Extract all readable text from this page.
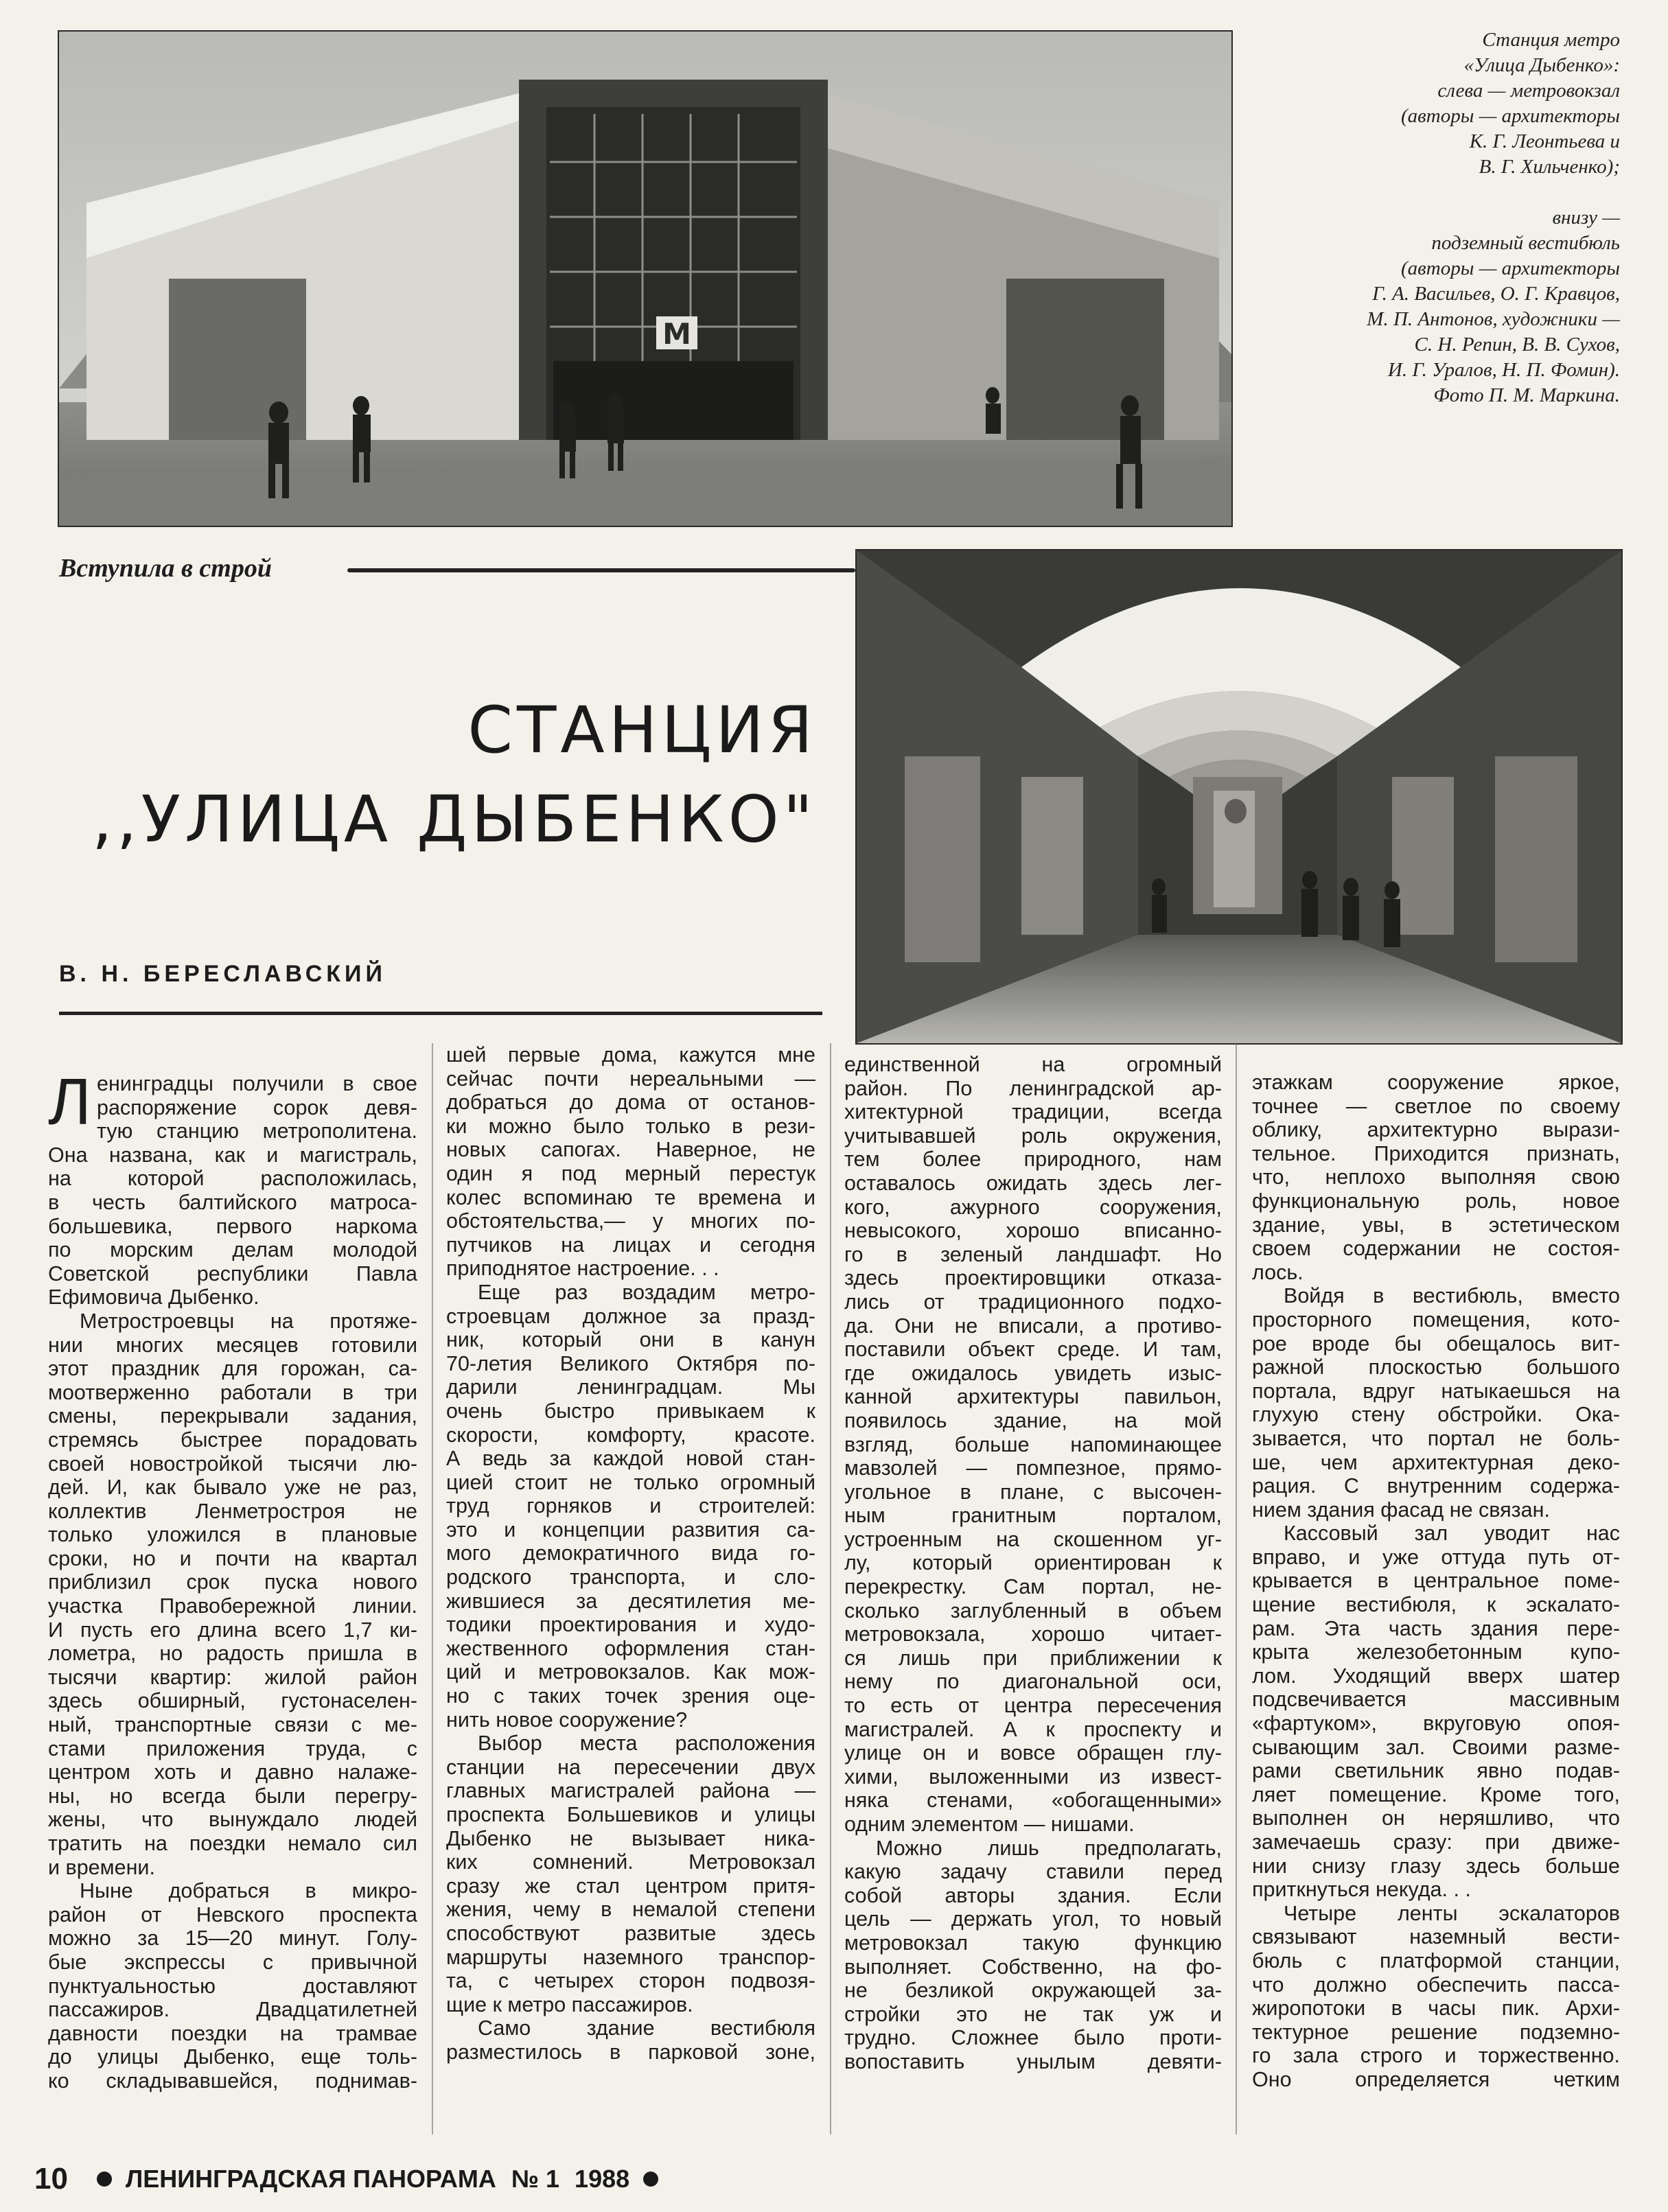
М

Станция метро

«Улица Дыбенко»:

слева — метровокзал

(авторы — архитекторы

К. Г. Леонтьева и

В. Г. Хильченко);

внизу —

подземный вестибюль

(авторы — архитекторы

Г. А. Васильев, О. Г. Кравцов,

М. П. Антонов, художники —

С. Н. Репин, В. В. Сухов,

И. Г. Уралов, Н. П. Фомин).

Фото П. М. Маркина.

Вступила в строй
СТАНЦИЯ
,,УЛИЦА ДЫБЕНКО"
В. Н. БЕРЕСЛАВСКИЙ
Л енинградцы получили в свое
распоряжение сорок девя-
тую станцию метрополитена.
Она названа, как и магистраль,
на которой расположилась,
в честь балтийского матроса-
большевика, первого наркома
по морским делам молодой
Советской республики Павла
Ефимовича Дыбенко.
Метростроевцы на протяже-
нии многих месяцев готовили
этот праздник для горожан, са-
моотверженно работали в три
смены, перекрывали задания,
стремясь быстрее порадовать
своей новостройкой тысячи лю-
дей. И, как бывало уже не раз,
коллектив Ленметростроя не
только уложился в плановые
сроки, но и почти на квартал
приблизил срок пуска нового
участка Правобережной линии.
И пусть его длина всего 1,7 ки-
лометра, но радость пришла в
тысячи квартир: жилой район
здесь обширный, густонаселен-
ный, транспортные связи с ме-
стами приложения труда, с
центром хоть и давно налаже-
ны, но всегда были перегру-
жены, что вынуждало людей
тратить на поездки немало сил
и времени.
Ныне добраться в микро-
район от Невского проспекта
можно за 15—20 минут. Голу-
бые экспрессы с привычной
пунктуальностью доставляют
пассажиров. Двадцатилетней
давности поездки на трамвае
до улицы Дыбенко, еще толь-
ко складывавшейся, поднимав-
шей первые дома, кажутся мне
сейчас почти нереальными —
добраться до дома от останов-
ки можно было только в рези-
новых сапогах. Наверное, не
один я под мерный перестук
колес вспоминаю те времена и
обстоятельства,— у многих по-
путчиков на лицах и сегодня
приподнятое настроение. . .
Еще раз воздадим метро-
строевцам должное за празд-
ник, который они в канун
70-летия Великого Октября по-
дарили ленинградцам. Мы
очень быстро привыкаем к
скорости, комфорту, красоте.
А ведь за каждой новой стан-
цией стоит не только огромный
труд горняков и строителей:
это и концепции развития са-
мого демократичного вида го-
родского транспорта, и сло-
жившиеся за десятилетия ме-
тодики проектирования и худо-
жественного оформления стан-
ций и метровокзалов. Как мож-
но с таких точек зрения оце-
нить новое сооружение?
Выбор места расположения
станции на пересечении двух
главных магистралей района —
проспекта Большевиков и улицы
Дыбенко не вызывает ника-
ких сомнений. Метровокзал
сразу же стал центром притя-
жения, чему в немалой степени
способствуют развитые здесь
маршруты наземного транспор-
та, с четырех сторон подвозя-
щие к метро пассажиров.
Само здание вестибюля
разместилось в парковой зоне,
единственной на огромный
район. По ленинградской ар-
хитектурной традиции, всегда
учитывавшей роль окружения,
тем более природного, нам
оставалось ожидать здесь лег-
кого, ажурного сооружения,
невысокого, хорошо вписанно-
го в зеленый ландшафт. Но
здесь проектировщики отказа-
лись от традиционного подхо-
да. Они не вписали, а противо-
поставили объект среде. И там,
где ожидалось увидеть изыс-
канной архитектуры павильон,
появилось здание, на мой
взгляд, больше напоминающее
мавзолей — помпезное, прямо-
угольное в плане, с высочен-
ным гранитным порталом,
устроенным на скошенном уг-
лу, который ориентирован к
перекрестку. Сам портал, не-
сколько заглубленный в объем
метровокзала, хорошо читает-
ся лишь при приближении к
нему по диагональной оси,
то есть от центра пересечения
магистралей. А к проспекту и
улице он и вовсе обращен глу-
хими, выложенными из извест-
няка стенами, «обогащенными»
одним элементом — нишами.
Можно лишь предполагать,
какую задачу ставили перед
собой авторы здания. Если
цель — держать угол, то новый
метровокзал такую функцию
выполняет. Собственно, на фо-
не безликой окружающей за-
стройки это не так уж и
трудно. Сложнее было проти-
вопоставить унылым девяти-
этажкам сооружение яркое,
точнее — светлое по своему
облику, архитектурно вырази-
тельное. Приходится признать,
что, неплохо выполняя свою
функциональную роль, новое
здание, увы, в эстетическом
своем содержании не состоя-
лось.
Войдя в вестибюль, вместо
просторного помещения, кото-
рое вроде бы обещалось вит-
ражной плоскостью большого
портала, вдруг натыкаешься на
глухую стену обстройки. Ока-
зывается, что портал не боль-
ше, чем архитектурная деко-
рация. С внутренним содержа-
нием здания фасад не связан.
Кассовый зал уводит нас
вправо, и уже оттуда путь от-
крывается в центральное поме-
щение вестибюля, к эскалато-
рам. Эта часть здания пере-
крыта железобетонным купо-
лом. Уходящий вверх шатер
подсвечивается массивным
«фартуком», вкруговую опоя-
сывающим зал. Своими разме-
рами светильник явно подав-
ляет помещение. Кроме того,
выполнен он неряшливо, что
замечаешь сразу: при движе-
нии снизу глазу здесь больше
приткнуться некуда. . .
Четыре ленты эскалаторов
связывают наземный вести-
бюль с платформой станции,
что должно обеспечить пасса-
жиропотоки в часы пик. Архи-
тектурное решение подземно-
го зала строго и торжественно.
Оно определяется четким
10 ЛЕНИНГРАДСКАЯ ПАНОРАМА № 1 1988
